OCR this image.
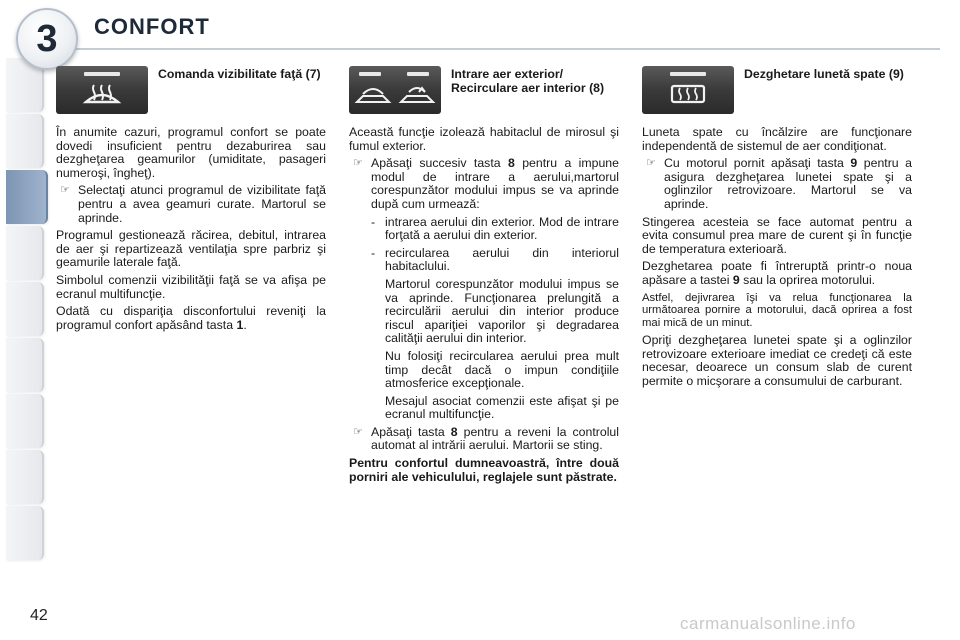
3	CONFORT
Comanda vizibilitate faţă (7)

În anumite cazuri, programul confort se poate dovedi insuficient pentru dezaburirea sau dezgheţarea geamurilor (umiditate, pasageri numeroşi, îngheţ).

☞ Selectaţi atunci programul de vizibilitate faţă pentru a avea geamuri curate. Martorul se aprinde.

Programul gestionează răcirea, debitul, intrarea de aer şi repartizează ventilaţia spre parbriz şi geamurile laterale faţă.

Simbolul comenzii vizibilităţii faţă se va afişa pe ecranul multifuncţie.

Odată cu dispariţia disconfortului reveniţi la programul confort apăsând tasta 1.

Intrare aer exterior/ Recirculare aer interior (8)

Această funcţie izolează habitaclul de mirosul şi fumul exterior.

☞ Apăsaţi succesiv tasta 8 pentru a impune modul de intrare a aerului,martorul corespunzător modului impus se va aprinde după cum urmează:
- intrarea aerului din exterior. Mod de intrare forţată a aerului din exterior.
- recircularea aerului din interiorul habitaclului.

Martorul corespunzător modului impus se va aprinde. Funcţionarea prelungită a recirculării aerului din interior produce riscul apariţiei vaporilor şi degradarea calităţii aerului din interior.

Nu folosiţi recircularea aerului prea mult timp decât dacă o impun condiţiile atmosferice excepţionale.

Mesajul asociat comenzii este afişat şi pe ecranul multifuncţie.

☞ Apăsaţi tasta 8 pentru a reveni la controlul automat al intrării aerului. Martorii se sting.

Pentru confortul dumneavoastră, între două porniri ale vehiculului, reglajele sunt păstrate.

Dezghetare lunetă spate (9)

Luneta spate cu încălzire are funcţionare independentă de sistemul de aer condiţionat.

☞ Cu motorul pornit apăsaţi tasta 9 pentru a asigura dezgheţarea lunetei spate şi a oglinzilor retrovizoare. Martorul se va aprinde.

Stingerea acesteia se face automat pentru a evita consumul prea mare de curent şi în funcţie de temperatura exterioară.

Dezghetarea poate fi întreruptă printr-o noua apăsare a tastei 9 sau la oprirea motorului.

Astfel, dejivrarea îşi va relua funcţionarea la următoarea pornire a motorului, dacă oprirea a fost mai mică de un minut.

Opriţi dezgheţarea lunetei spate şi a oglinzilor retrovizoare exterioare imediat ce credeţi că este necesar, deoarece un consum slab de curent permite o micşorare a consumului de carburant.

42	carmanualsonline.info
